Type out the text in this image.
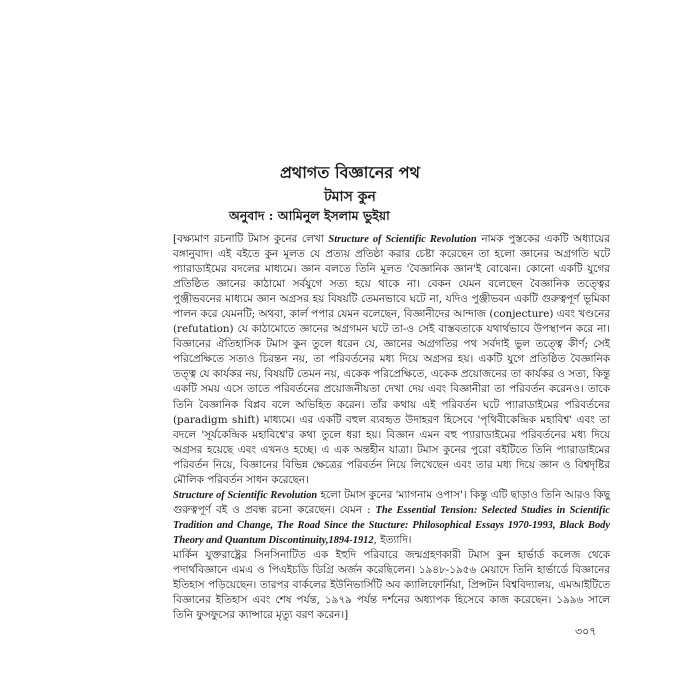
প্রথাগত বিজ্ঞানের পথ
টমাস কুন
অনুবাদ : আমিনুল ইসলাম ভুইয়া

[বক্ষ্যমাণ রচনাটি টমাস কুনের লেখা Structure of Scientific Revolution নামক পুস্তকের একটি অধ্যায়ের বঙ্গানুবাদ। এই বইতে কুন মূলত যে প্রত্যয় প্রতিষ্ঠা করার চেষ্টা করেছেন তা হলো জ্ঞানের অগ্রগতি ঘটে প্যারাডাইমের বদলের মাধ্যমে। জ্ঞান বলতে তিনি মূলত 'বৈজ্ঞানিক জ্ঞান'ই বোঝেন। কোনো একটি যুগের প্রতিষ্ঠিত জ্ঞানের কাঠামো সর্বযুগে সত্য হয়ে থাকে না। বেকন যেমন বলেছেন বৈজ্ঞানিক তত্ত্বের পুঞ্জীভবনের মাধ্যমে জ্ঞান অগ্রসর হয় বিষয়টি তেমনভাবে ঘটে না, যদিও পুঞ্জীভবন একটি গুরুত্বপূর্ণ ভূমিকা পালন করে যেমনটি; অথবা, কার্ল পপার যেমন বলেছেন, বিজ্ঞানীদের আন্দাজ (conjecture) এবং খণ্ডনের (refutation) যে কাঠামোতে জ্ঞানের অগ্রগমন ঘটে তা-ও সেই বাস্তবতাকে যথার্থভাবে উপস্থাপন করে না। বিজ্ঞানের ঐতিহাসিক টমাস কুন তুলে ধরেন যে, জ্ঞানের অগ্রগতির পথ সর্বদাই ভুল তত্ত্বে কীর্ণ; সেই পরিপ্রেক্ষিতে সত্যও চিরন্তন নয়, তা পরিবর্তনের মধ্য দিয়ে অগ্রসর হয়। একটি যুগে প্রতিষ্ঠিত বৈজ্ঞানিক তত্ত্ব যে কার্যকর নয়, বিষয়টি তেমন নয়, একেক পরিপ্রেক্ষিতে, একেক প্রয়োজনের তা কার্যকর ও সত্য, কিন্তু একটি সময় এসে তাতে পরিবর্তনের প্রয়োজনীয়তা দেখা দেয় এবং বিজ্ঞানীরা তা পরিবর্তন করেনও। তাকে তিনি বৈজ্ঞানিক বিপ্লব বলে অভিহিত করেন। তাঁর কথায় এই পরিবর্তন ঘটে প্যারাডাইমের পরিবর্তনের (paradigm shift) মাধ্যমে। এর একটি বহুল ব্যবহৃত উদাহরণ হিসেবে 'পৃথিবীকেন্দ্রিক মহাবিশ্ব' এবং তা বদলে 'সূর্যকেন্দ্রিক মহাবিশ্বে'র কথা তুলে ধরা হয়। বিজ্ঞান এমন বহু প্যারাডাইমের পরিবর্তনের মধ্য দিয়ে অগ্রসর হয়েছে এবং এখনও হচ্ছে। এ এক অন্তহীন যাত্রা। টমাস কুনের পুরো বইটিতে তিনি প্যারাডাইমের পরিবর্তন নিয়ে, বিজ্ঞানের বিভিন্ন ক্ষেত্রের পরিবর্তন নিয়ে লিখেছেন এবং তার মধ্য দিয়ে জ্ঞান ও বিশ্বদৃষ্টির মৌলিক পরিবর্তন সাধন করেছেন।

Structure of Scientific Revolution হলো টমাস কুনের 'ম্যাগনাম ওপাস'। কিন্তু এটি ছাড়াও তিনি আরও কিছু গুরুত্বপূর্ণ বই ও প্রবন্ধ রচনা করেছেন। যেমন : The Essential Tension: Selected Studies in Scientific Tradition and Change, The Road Since the Stucture: Philosophical Essays 1970-1993, Black Body Theory and Quantum Discontinuity,1894-1912, ইত্যাদি।

মার্কিন যুক্তরাষ্ট্রের সিনসিনাটিত এক ইহুদি পরিবারে জন্মগ্রহণকারী টমাস কুন হার্ভার্ড কলেজ থেকে পদার্থবিজ্ঞানে এমএ ও পিএইচডি ডিগ্রি অর্জন করেছিলেন। ১৯৪৮-১৯৫৬ মেয়াদে তিনি হার্ভার্ডে বিজ্ঞানের ইতিহাস পড়িয়েছেন। তারপর বার্কলের ইউনিভার্সিটি অব ক্যালিফোর্নিয়া, প্রিন্সটন বিশ্ববিদ্যালয়, এমআইটিতে বিজ্ঞানের ইতিহাস এবং শেষ পর্যন্ত, ১৯৭৯ পর্যন্ত দর্শনের অধ্যাপক হিসেবে কাজ করেছেন। ১৯৯৬ সালে তিনি ফুসফুসের ক্যান্সারে মৃত্যু বরণ করেন।]

৩০৭
